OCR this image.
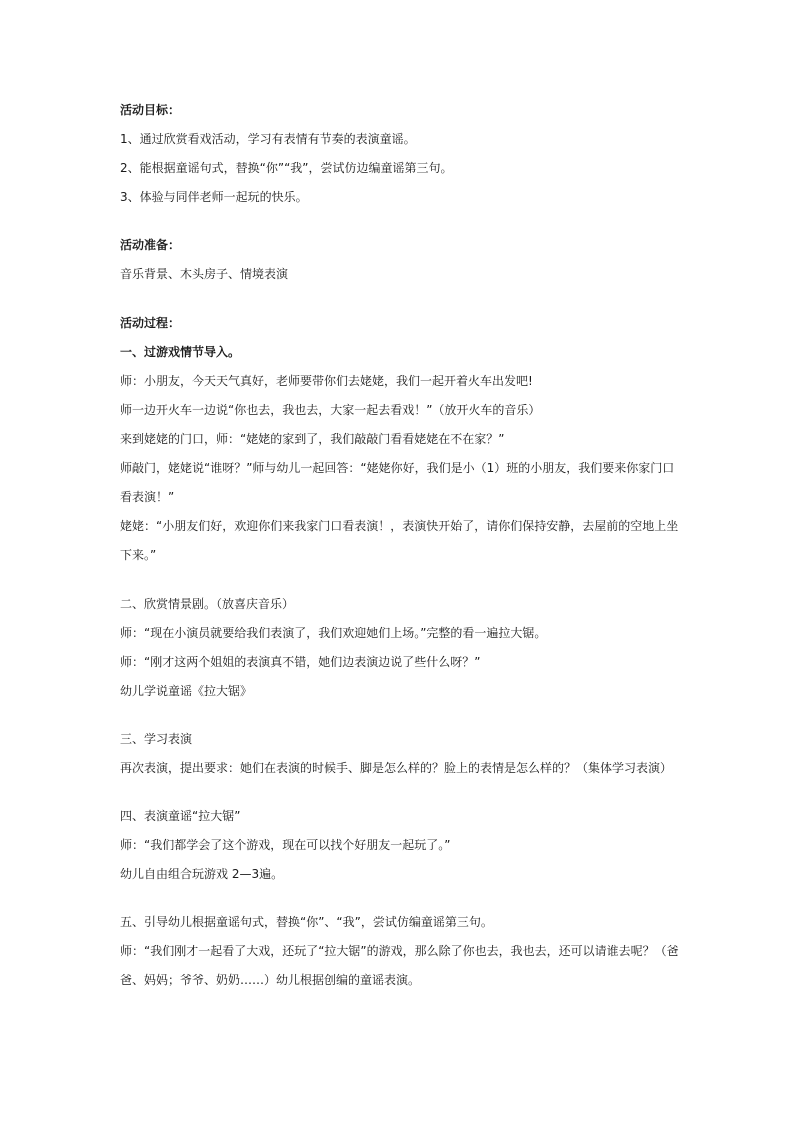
活动目标：
1、通过欣赏看戏活动，学习有表情有节奏的表演童谣。
2、能根据童谣句式，替换“你”“我”，尝试仿边编童谣第三句。
3、体验与同伴老师一起玩的快乐。
活动准备：
音乐背景、木头房子、情境表演
活动过程：
一、过游戏情节导入。
师：小朋友，今天天气真好，老师要带你们去姥姥，我们一起开着火车出发吧!
师一边开火车一边说“你也去，我也去，大家一起去看戏！”（放开火车的音乐）
来到姥姥的门口，师：“姥姥的家到了，我们敲敲门看看姥姥在不在家？”
师敲门，姥姥说“谁呀？”师与幼儿一起回答：“姥姥你好，我们是小（1）班的小朋友，我们要来你家门口
看表演！”
姥姥：“小朋友们好，欢迎你们来我家门口看表演！，表演快开始了，请你们保持安静，去屋前的空地上坐
下来。”
二、欣赏情景剧。（放喜庆音乐）
师：“现在小演员就要给我们表演了，我们欢迎她们上场。”完整的看一遍拉大锯。
师：“刚才这两个姐姐的表演真不错，她们边表演边说了些什么呀？”
幼儿学说童谣《拉大锯》
三、学习表演
再次表演，提出要求：她们在表演的时候手、脚是怎么样的？脸上的表情是怎么样的？（集体学习表演）
四、表演童谣“拉大锯”
师：“我们都学会了这个游戏，现在可以找个好朋友一起玩了。”
幼儿自由组合玩游戏 2—3遍。
五、引导幼儿根据童谣句式，替换“你”、“我”，尝试仿编童谣第三句。
师：“我们刚才一起看了大戏，还玩了“拉大锯”的游戏，那么除了你也去，我也去，还可以请谁去呢？（爸
爸、妈妈；爷爷、奶奶……）幼儿根据创编的童谣表演。
